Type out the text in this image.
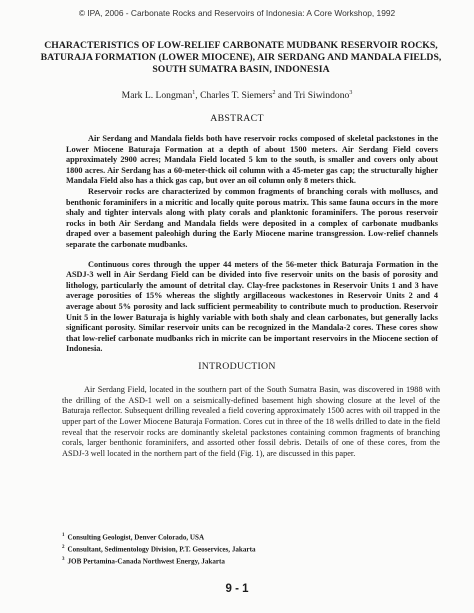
© IPA, 2006 - Carbonate Rocks and Reservoirs of Indonesia: A Core Workshop, 1992
CHARACTERISTICS OF LOW-RELIEF CARBONATE MUDBANK RESERVOIR ROCKS, BATURAJA FORMATION (LOWER MIOCENE), AIR SERDANG AND MANDALA FIELDS, SOUTH SUMATRA BASIN, INDONESIA
Mark L. Longman$^1$, Charles T. Siemers$^2$ and Tri Siwindono$^3$
ABSTRACT

Air Serdang and Mandala fields both have reservoir rocks composed of skeletal packstones in the Lower Miocene Baturaja Formation at a depth of about 1500 meters. Air Serdang Field covers approximately 2900 acres; Mandala Field located 5 km to the south, is smaller and covers only about 1800 acres. Air Serdang has a 60-meter-thick oil column with a 45-meter gas cap; the structurally higher Mandala Field also has a thick gas cap, but over an oil column only 8 meters thick.

Reservoir rocks are characterized by common fragments of branching corals with molluscs, and benthonic foraminifers in a micritic and locally quite porous matrix. This same fauna occurs in the more shaly and tighter intervals along with platy corals and planktonic foraminifers. The porous reservoir rocks in both Air Serdang and Mandala fields were deposited in a complex of carbonate mudbanks draped over a basement paleohigh during the Early Miocene marine transgression. Low-relief channels separate the carbonate mudbanks.

Continuous cores through the upper 44 meters of the 56-meter thick Baturaja Formation in the ASDJ-3 well in Air Serdang Field can be divided into five reservoir units on the basis of porosity and lithology, particularly the amount of detrital clay. Clay-free packstones in Reservoir Units 1 and 3 have average porosities of 15% whereas the slightly argillaceous wackestones in Reservoir Units 2 and 4 average about 5% porosity and lack sufficient permeability to contribute much to production. Reservoir Unit 5 in the lower Baturaja is highly variable with both shaly and clean carbonates, but generally lacks significant porosity. Similar reservoir units can be recognized in the Mandala-2 cores. These cores show that low-relief carbonate mudbanks rich in micrite can be important reservoirs in the Miocene section of Indonesia.

INTRODUCTION

Air Serdang Field, located in the southern part of the South Sumatra Basin, was discovered in 1988 with the drilling of the ASD-1 well on a seismically-defined basement high showing closure at the level of the Baturaja reflector. Subsequent drilling revealed a field covering approximately 1500 acres with oil trapped in the upper part of the Lower Miocene Baturaja Formation. Cores cut in three of the 18 wells drilled to date in the field reveal that the reservoir rocks are dominantly skeletal packstones containing common fragments of branching corals, larger benthonic foraminifers, and assorted other fossil debris. Details of one of these cores, from the ASDJ-3 well located in the northern part of the field (Fig. 1), are discussed in this paper.

$^1$ Consulting Geologist, Denver Colorado, USA
$^2$ Consultant, Sedimentology Division, P.T. Geoservices, Jakarta
$^3$ JOB Pertamina-Canada Northwest Energy, Jakarta
9 - 1
